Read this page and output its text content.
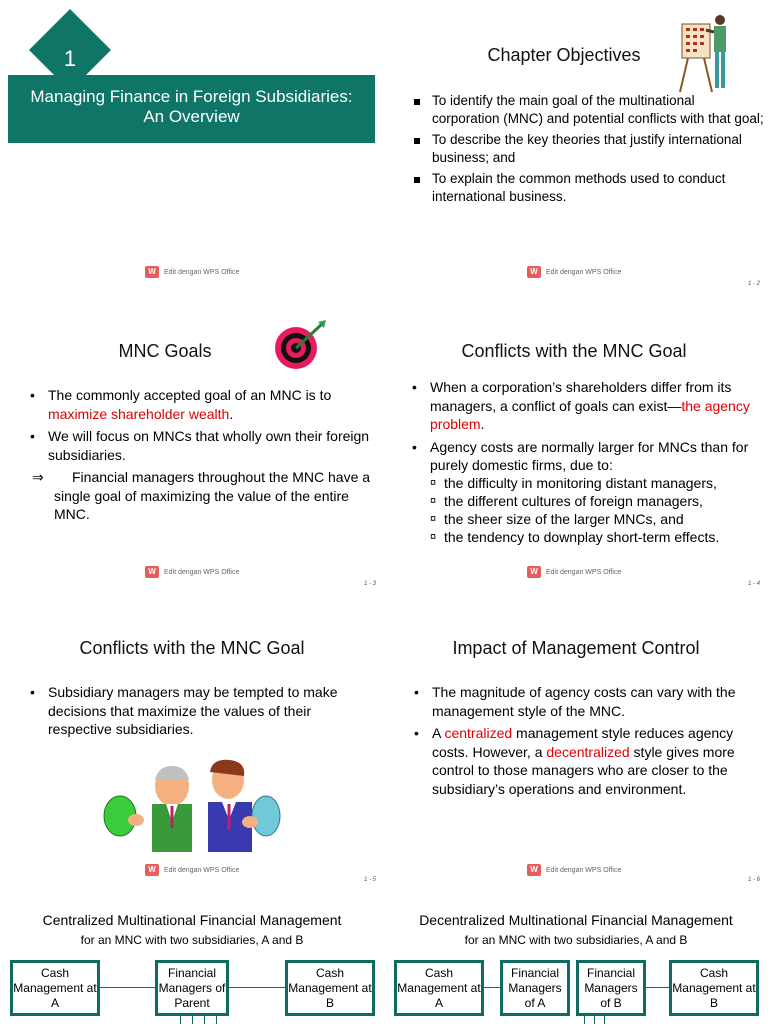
1
Managing Finance in Foreign Subsidiaries:
An Overview
W Edit dengan WPS Office
Chapter Objectives
To identify the main goal of the multinational corporation (MNC) and potential conflicts with that goal;
To describe the key theories that justify international business; and
To explain the common methods used to conduct international business.
W Edit dengan WPS Office
1 - 2
MNC Goals
• The commonly accepted goal of an MNC is to maximize shareholder wealth.
• We will focus on MNCs that wholly own their foreign subsidiaries.
⇒ Financial managers throughout the MNC have a single goal of maximizing the value of the entire MNC.
W Edit dengan WPS Office
1 - 3
Conflicts with the MNC Goal
• When a corporation’s shareholders differ from its managers, a conflict of goals can exist—the agency problem.
• Agency costs are normally larger for MNCs than for purely domestic firms, due to:
¤ the difficulty in monitoring distant managers,
¤ the different cultures of foreign managers,
¤ the sheer size of the larger MNCs, and
¤ the tendency to downplay short-term effects.
W Edit dengan WPS Office
1 - 4
Conflicts with the MNC Goal
• Subsidiary managers may be tempted to make decisions that maximize the values of their respective subsidiaries.
W Edit dengan WPS Office
1 - 5
Impact of Management Control
• The magnitude of agency costs can vary with the management style of the MNC.
• A centralized management style reduces agency costs. However, a decentralized style gives more control to those managers who are closer to the subsidiary’s operations and environment.
W Edit dengan WPS Office
1 - 6
Centralized Multinational Financial Management
for an MNC with two subsidiaries, A and B
Cash Management at A
Financial Managers of Parent
Cash Management at B
Decentralized Multinational Financial Management
for an MNC with two subsidiaries, A and B
Cash Management at A
Financial Managers of A
Financial Managers of B
Cash Management at B
